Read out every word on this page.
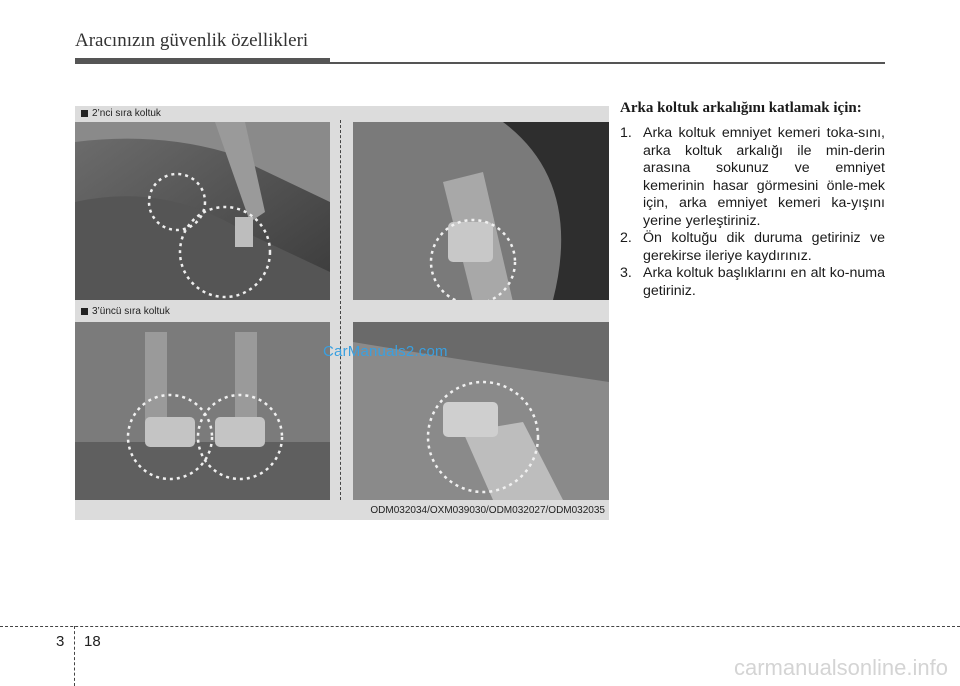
Aracınızın güvenlik özellikleri
2’nci sıra koltuk
3’üncü sıra koltuk
ODM032034/OXM039030/ODM032027/ODM032035
CarManuals2.com
Arka koltuk arkalığını katlamak için:
1. Arka koltuk emniyet kemeri toka-sını, arka koltuk arkalığı ile min-derin arasına sokunuz ve emniyet kemerinin hasar görmesini önle-mek için, arka emniyet kemeri ka-yışını yerine yerleştiriniz.
2. Ön koltuğu dik duruma getiriniz ve gerekirse ileriye kaydırınız.
3. Arka koltuk başlıklarını en alt ko-numa getiriniz.
3 18
carmanualsonline.info
